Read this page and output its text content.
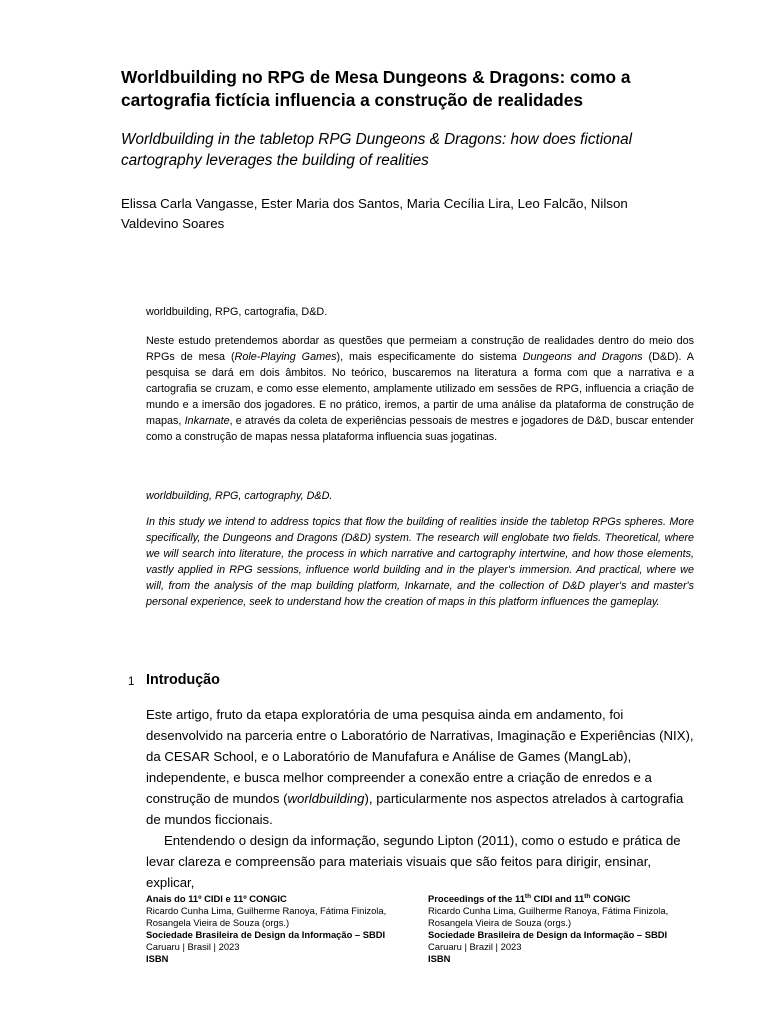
Worldbuilding no RPG de Mesa Dungeons & Dragons: como a cartografia fictícia influencia a construção de realidades
Worldbuilding in the tabletop RPG Dungeons & Dragons: how does fictional cartography leverages the building of realities
Elissa Carla Vangasse, Ester Maria dos Santos, Maria Cecília Lira, Leo Falcão, Nilson Valdevino Soares
worldbuilding, RPG, cartografia, D&D.
Neste estudo pretendemos abordar as questões que permeiam a construção de realidades dentro do meio dos RPGs de mesa (Role-Playing Games), mais especificamente do sistema Dungeons and Dragons (D&D). A pesquisa se dará em dois âmbitos. No teórico, buscaremos na literatura a forma com que a narrativa e a cartografia se cruzam, e como esse elemento, amplamente utilizado em sessões de RPG, influencia a criação de mundo e a imersão dos jogadores. E no prático, iremos, a partir de uma análise da plataforma de construção de mapas, Inkarnate, e através da coleta de experiências pessoais de mestres e jogadores de D&D, buscar entender como a construção de mapas nessa plataforma influencia suas jogatinas.
worldbuilding, RPG, cartography, D&D.
In this study we intend to address topics that flow the building of realities inside the tabletop RPGs spheres. More specifically, the Dungeons and Dragons (D&D) system. The research will englobate two fields. Theoretical, where we will search into literature, the process in which narrative and cartography intertwine, and how those elements, vastly applied in RPG sessions, influence world building and in the player's immersion. And practical, where we will, from the analysis of the map building platform, Inkarnate, and the collection of D&D player's and master's personal experience, seek to understand how the creation of maps in this platform influences the gameplay.
1 Introdução

Este artigo, fruto da etapa exploratória de uma pesquisa ainda em andamento, foi desenvolvido na parceria entre o Laboratório de Narrativas, Imaginação e Experiências (NIX), da CESAR School, e o Laboratório de Manufafura e Análise de Games (MangLab), independente, e busca melhor compreender a conexão entre a criação de enredos e a construção de mundos (worldbuilding), particularmente nos aspectos atrelados à cartografia de mundos ficcionais.

Entendendo o design da informação, segundo Lipton (2011), como o estudo e prática de levar clareza e compreensão para materiais visuais que são feitos para dirigir, ensinar, explicar,

Anais do 11º CIDI e 11º CONGIC
Ricardo Cunha Lima, Guilherme Ranoya, Fátima Finizola,
Rosangela Vieira de Souza (orgs.)
Sociedade Brasileira de Design da Informação – SBDI
Caruaru | Brasil | 2023
ISBN
Proceedings of the 11th CIDI and 11th CONGIC
Ricardo Cunha Lima, Guilherme Ranoya, Fátima Finizola,
Rosangela Vieira de Souza (orgs.)
Sociedade Brasileira de Design da Informação – SBDI
Caruaru | Brazil | 2023
ISBN
